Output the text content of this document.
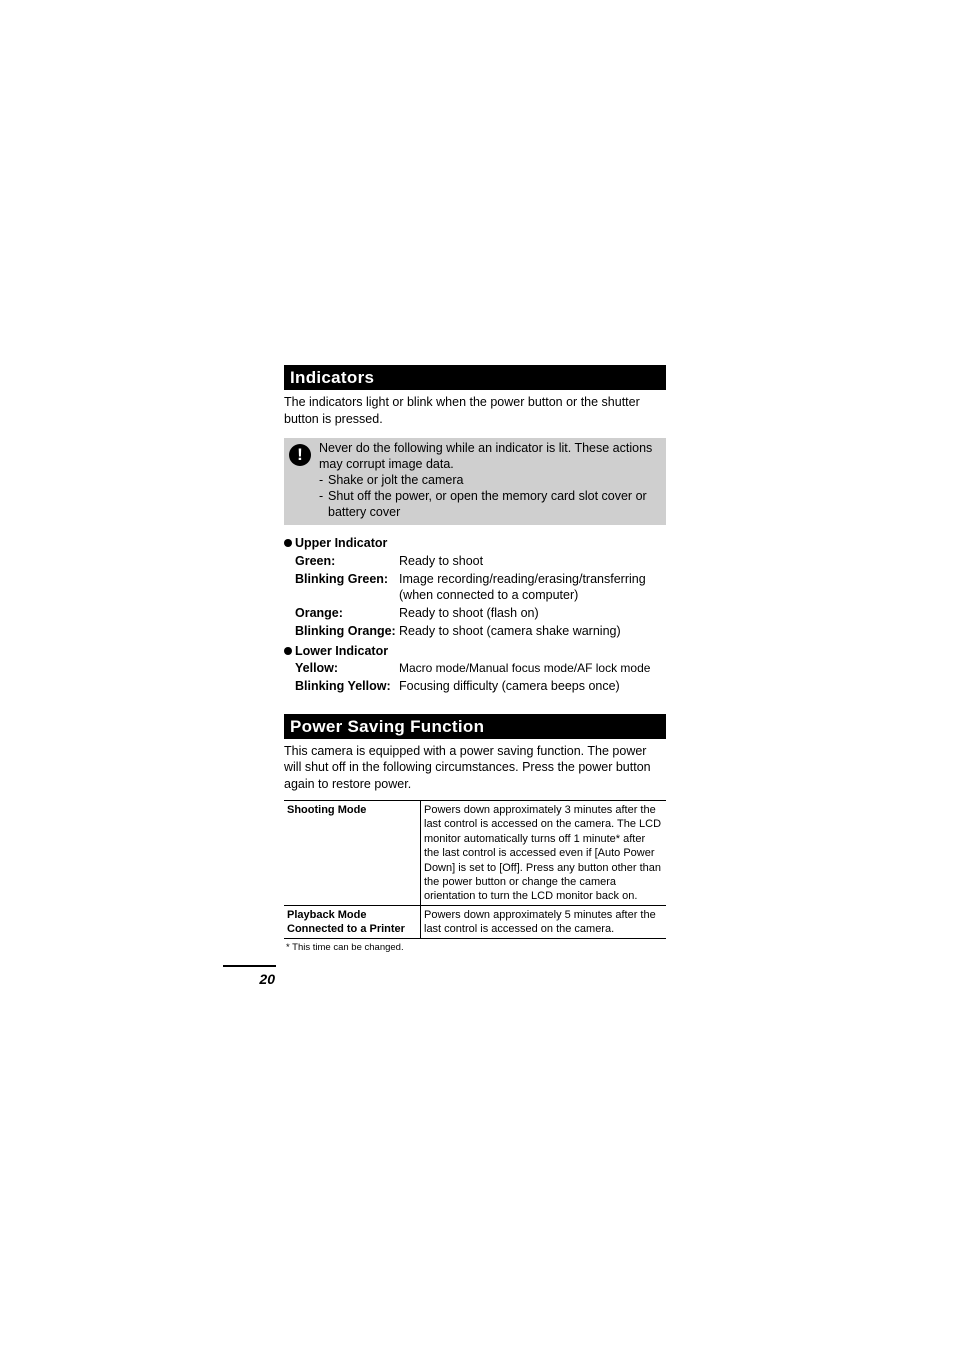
Indicators
The indicators light or blink when the power button or the shutter button is pressed.
!	Never do the following while an indicator is lit. These actions may corrupt image data.
- Shake or jolt the camera
- Shut off the power, or open the memory card slot cover or battery cover
Upper Indicator
Green:	Ready to shoot
Blinking Green: Image recording/reading/erasing/transferring (when connected to a computer)
Orange:	Ready to shoot (flash on)
Blinking Orange: Ready to shoot (camera shake warning)
Lower Indicator
Yellow:	Macro mode/Manual focus mode/AF lock mode
Blinking Yellow: Focusing difficulty (camera beeps once)
Power Saving Function
This camera is equipped with a power saving function. The power will shut off in the following circumstances. Press the power button again to restore power.
Shooting Mode	Powers down approximately 3 minutes after the last control is accessed on the camera. The LCD monitor automatically turns off 1 minute* after the last control is accessed even if [Auto Power Down] is set to [Off]. Press any button other than the power button or change the camera orientation to turn the LCD monitor back on.

Playback Mode
Connected to a Printer	Powers down approximately 5 minutes after the last control is accessed on the camera.
* This time can be changed.
20
